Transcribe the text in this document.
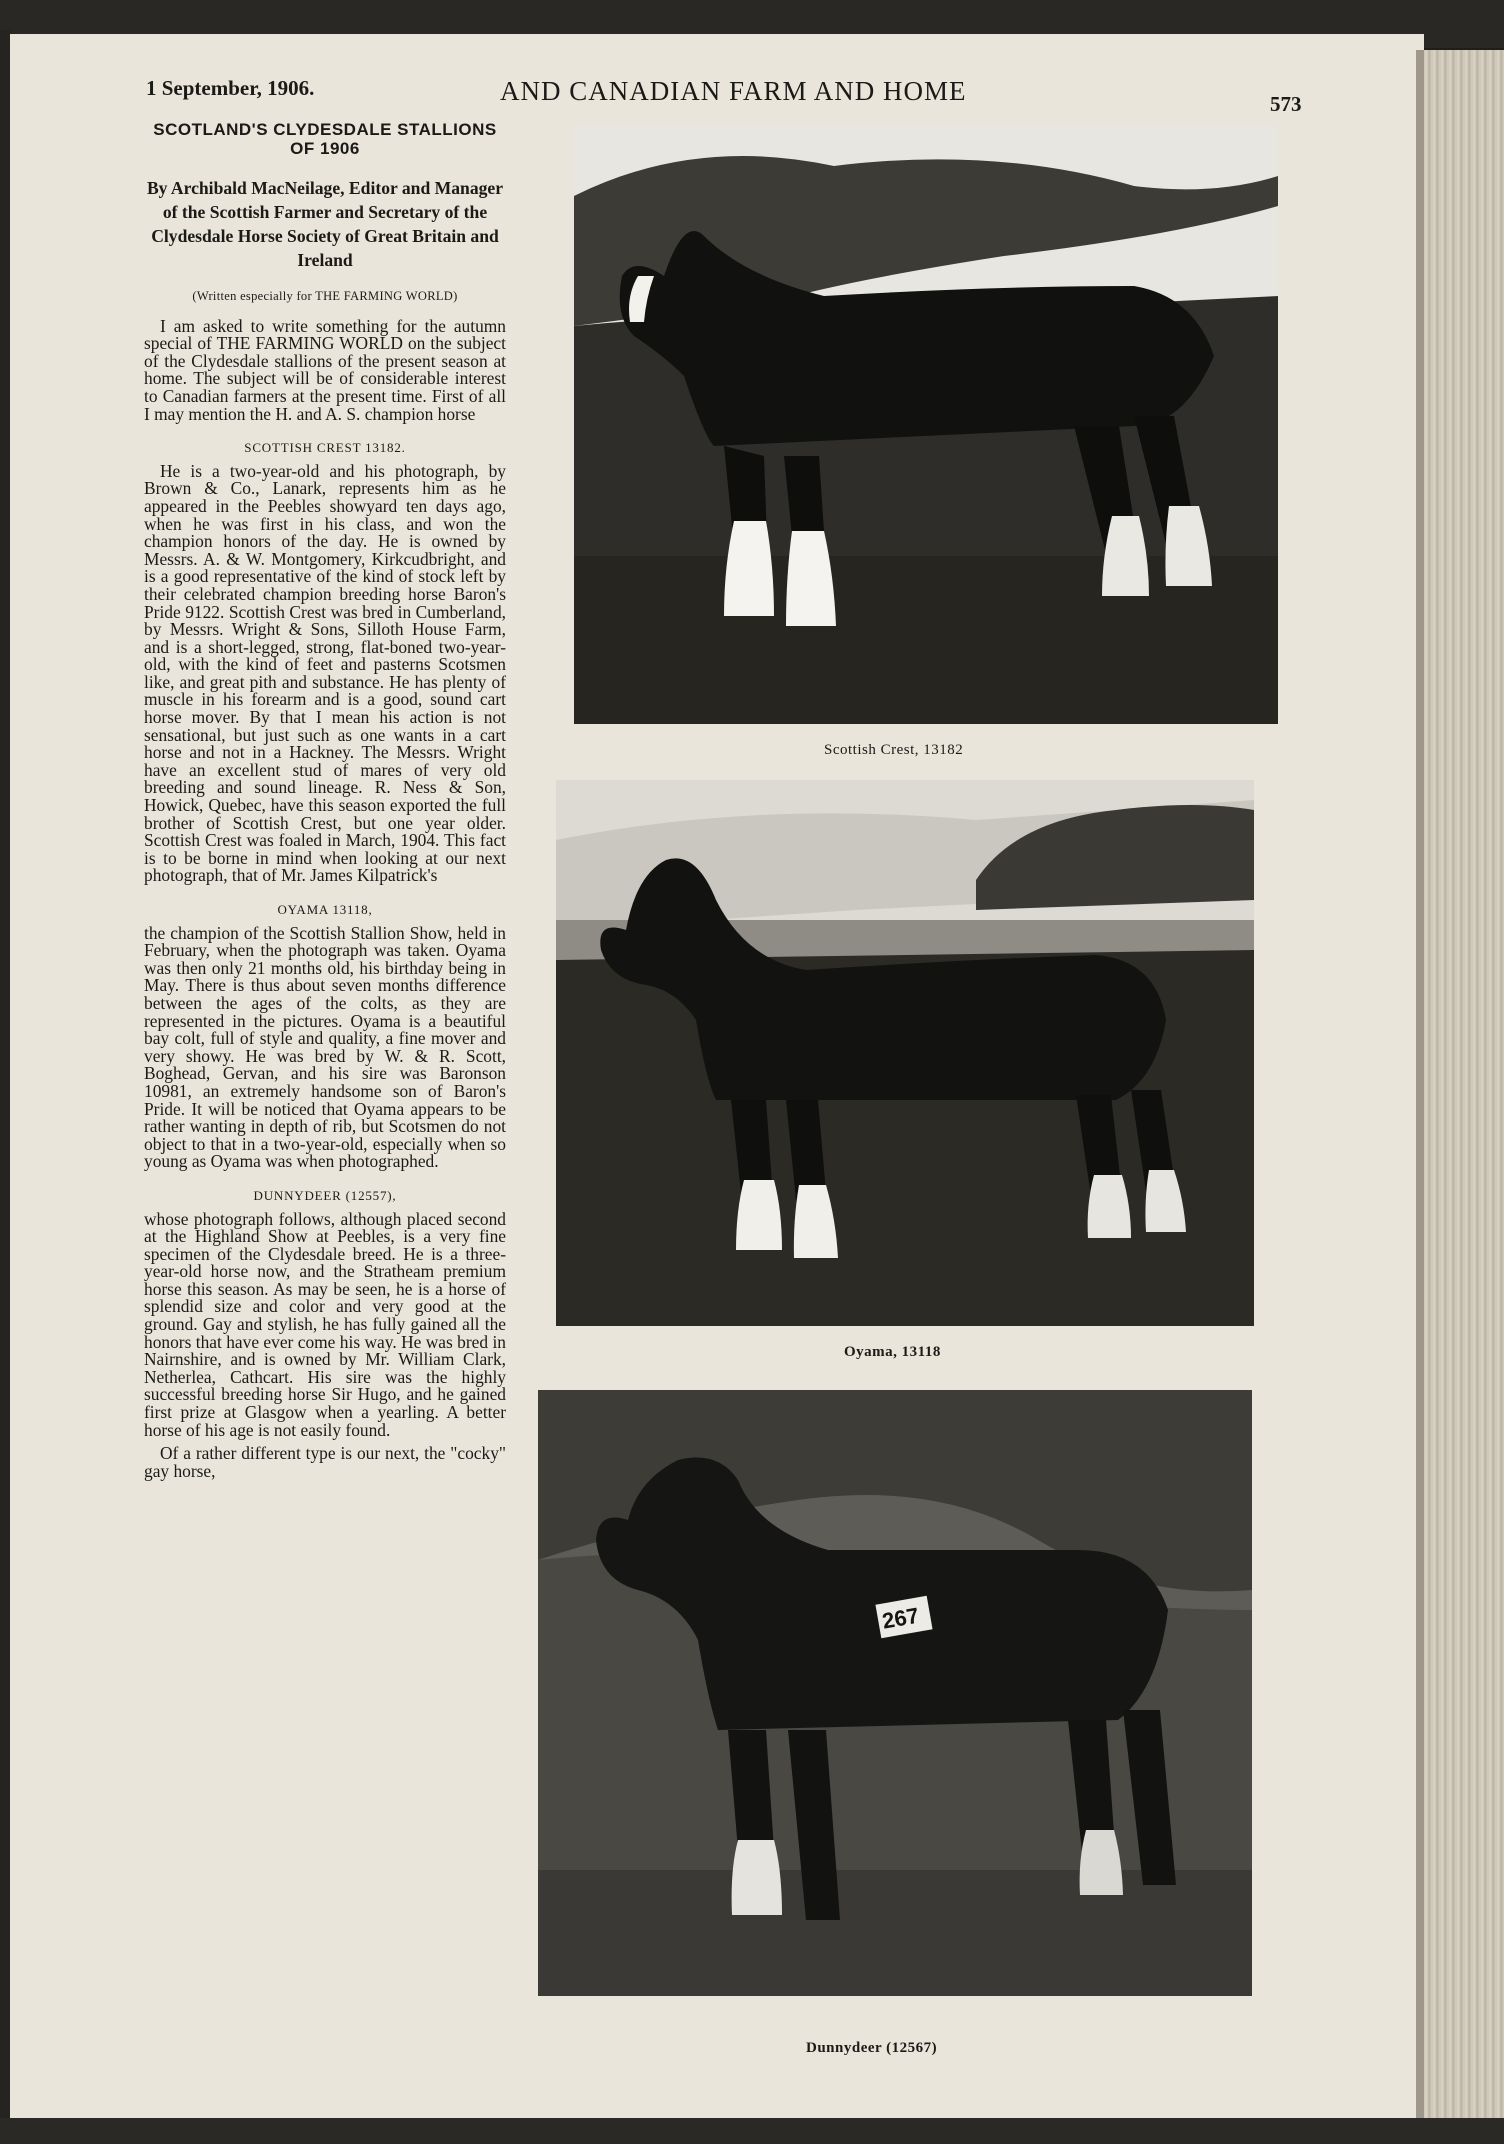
1 September, 1906.	AND CANADIAN FARM AND HOME	573

SCOTLAND'S CLYDESDALE STALLIONS OF 1906

By Archibald MacNeilage, Editor and Manager of the Scottish Farmer and Secretary of the Clydesdale Horse Society of Great Britain and Ireland

(Written especially for THE FARMING WORLD)

I am asked to write something for the autumn special of THE FARMING WORLD on the subject of the Clydesdale stallions of the present season at home. The subject will be of considerable interest to Canadian farmers at the present time. First of all I may mention the H. and A. S. champion horse

SCOTTISH CREST 13182.

He is a two-year-old and his photograph, by Brown & Co., Lanark, represents him as he appeared in the Peebles showyard ten days ago, when he was first in his class, and won the champion honors of the day. He is owned by Messrs. A. & W. Montgomery, Kirkcudbright, and is a good representative of the kind of stock left by their celebrated champion breeding horse Baron's Pride 9122. Scottish Crest was bred in Cumberland, by Messrs. Wright & Sons, Silloth House Farm, and is a short-legged, strong, flat-boned two-year-old, with the kind of feet and pasterns Scotsmen like, and great pith and substance. He has plenty of muscle in his forearm and is a good, sound cart horse mover. By that I mean his action is not sensational, but just such as one wants in a cart horse and not in a Hackney. The Messrs. Wright have an excellent stud of mares of very old breeding and sound lineage. R. Ness & Son, Howick, Quebec, have this season exported the full brother of Scottish Crest, but one year older. Scottish Crest was foaled in March, 1904. This fact is to be borne in mind when looking at our next photograph, that of Mr. James Kilpatrick's

OYAMA 13118,

the champion of the Scottish Stallion Show, held in February, when the photograph was taken. Oyama was then only 21 months old, his birthday being in May. There is thus about seven months difference between the ages of the colts, as they are represented in the pictures. Oyama is a beautiful bay colt, full of style and quality, a fine mover and very showy. He was bred by W. & R. Scott, Boghead, Gervan, and his sire was Baronson 10981, an extremely handsome son of Baron's Pride. It will be noticed that Oyama appears to be rather wanting in depth of rib, but Scotsmen do not object to that in a two-year-old, especially when so young as Oyama was when photographed.

DUNNYDEER (12557),

whose photograph follows, although placed second at the Highland Show at Peebles, is a very fine specimen of the Clydesdale breed. He is a three-year-old horse now, and the Stratheam premium horse this season. As may be seen, he is a horse of splendid size and color and very good at the ground. Gay and stylish, he has fully gained all the honors that have ever come his way. He was bred in Nairnshire, and is owned by Mr. William Clark, Netherlea, Cathcart. His sire was the highly successful breeding horse Sir Hugo, and he gained first prize at Glasgow when a yearling. A better horse of his age is not easily found.

Of a rather different type is our next, the "cocky" gay horse,

Scottish Crest, 13182
Oyama, 13118
267
Dunnydeer (12567)
